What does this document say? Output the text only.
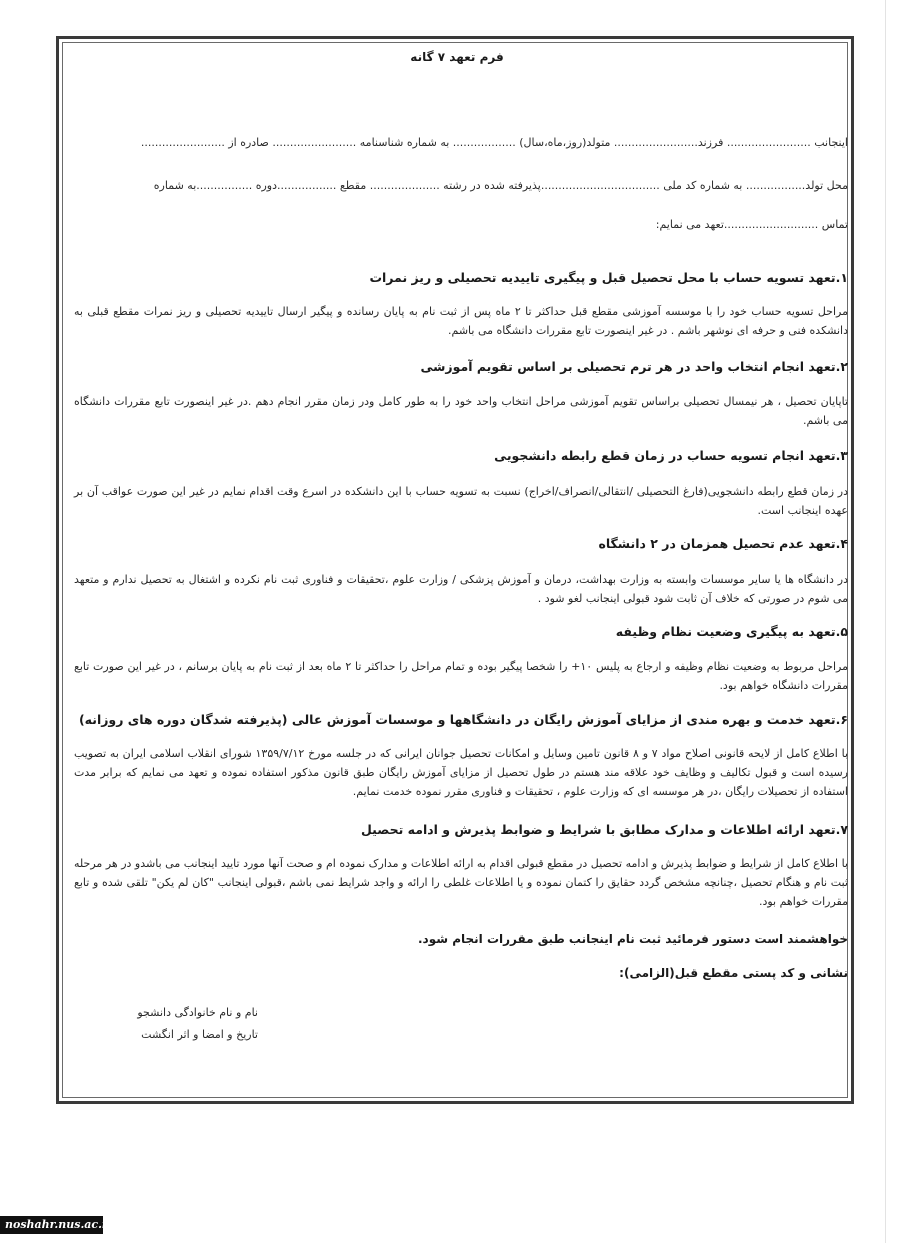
فرم تعهد ۷ گانه
اینجانب ........................ فرزند........................ متولد(روز،ماه،سال) .................. به شماره شناسنامه ........................ صادره از ........................
محل تولد................. به شماره کد ملی ..................................پذیرفته شده در رشته .................... مقطع .................دوره ................به شماره
تماس ...........................تعهد می نمایم:
۱.تعهد تسویه حساب با محل تحصیل قبل و پیگیری تاییدیه تحصیلی و ریز نمرات
مراحل تسویه حساب خود را با موسسه آموزشی مقطع قبل حداکثر تا ۲ ماه پس از ثبت نام به پایان رسانده و پیگیر ارسال تاییدیه تحصیلی و ریز نمرات مقطع قبلی به دانشکده فنی و حرفه ای نوشهر باشم . در غیر اینصورت تابع مقررات دانشگاه می باشم.
۲.تعهد انجام انتخاب واحد در هر ترم تحصیلی بر اساس تقویم آموزشی
تاپایان تحصیل ، هر نیمسال تحصیلی براساس تقویم آموزشی مراحل انتخاب واحد خود را به طور کامل ودر زمان مقرر انجام دهم .در غیر اینصورت تابع مقررات دانشگاه می باشم.
۳.تعهد انجام تسویه حساب در زمان قطع رابطه دانشجویی
در زمان قطع رابطه دانشجویی(فارغ التحصیلی /انتقالی/انصراف/اخراج) نسبت به تسویه حساب با این دانشکده در اسرع وقت اقدام نمایم در غیر این صورت عواقب آن بر عهده اینجانب است.
۴.تعهد عدم تحصیل همزمان در ۲ دانشگاه
در دانشگاه ها یا سایر موسسات وابسته به وزارت بهداشت، درمان و آموزش پزشکی / وزارت علوم ،تحقیقات و فناوری ثبت نام نکرده و اشتغال به تحصیل ندارم و متعهد می شوم در صورتی که خلاف آن ثابت شود قبولی اینجانب لغو شود .
۵.تعهد به پیگیری وضعیت نظام وظیفه
مراحل مربوط به وضعیت نظام وظیفه و ارجاع به پلیس ۱۰+ را شخصا پیگیر بوده و تمام مراحل را حداکثر تا ۲ ماه بعد از ثبت نام به پایان برسانم ، در غیر این صورت تابع مقررات دانشگاه خواهم بود.
۶.تعهد خدمت و بهره مندی از مزایای آموزش رایگان در دانشگاهها و موسسات آموزش عالی (پذیرفته شدگان دوره های روزانه)
با اطلاع کامل از لایحه قانونی اصلاح مواد ۷ و ۸ قانون تامین وسایل و امکانات تحصیل جوانان ایرانی که در جلسه مورخ ۱۳۵۹/۷/۱۲ شورای انقلاب اسلامی ایران به تصویب رسیده است و قبول تکالیف و وظایف خود علاقه مند هستم در طول تحصیل از مزایای آموزش رایگان طبق قانون مذکور استفاده نموده و تعهد می نمایم که برابر مدت استفاده از تحصیلات رایگان ،در هر موسسه ای که وزارت علوم ، تحقیقات و فناوری مقرر نموده خدمت نمایم.
۷.تعهد ارائه اطلاعات و مدارک مطابق با شرایط و ضوابط پذیرش و ادامه تحصیل
با اطلاع کامل از شرایط و ضوابط پذیرش و ادامه تحصیل در مقطع قبولی اقدام به ارائه اطلاعات و مدارک نموده ام و صحت آنها مورد تایید اینجانب می باشدو در هر مرحله ثبت نام و هنگام تحصیل ،چنانچه مشخص گردد حقایق را کتمان نموده و یا اطلاعات غلطی را ارائه و واجد شرایط نمی باشم ،قبولی اینجانب "کان لم یکن" تلقی شده و تابع مقررات خواهم بود.
خواهشمند است دستور فرمائید ثبت نام اینجانب طبق مقررات انجام شود.
نشانی و کد پستی مقطع قبل(الزامی):
نام و نام خانوادگی دانشجو
تاریخ و امضا و اثر انگشت
noshahr.nus.ac.ir
